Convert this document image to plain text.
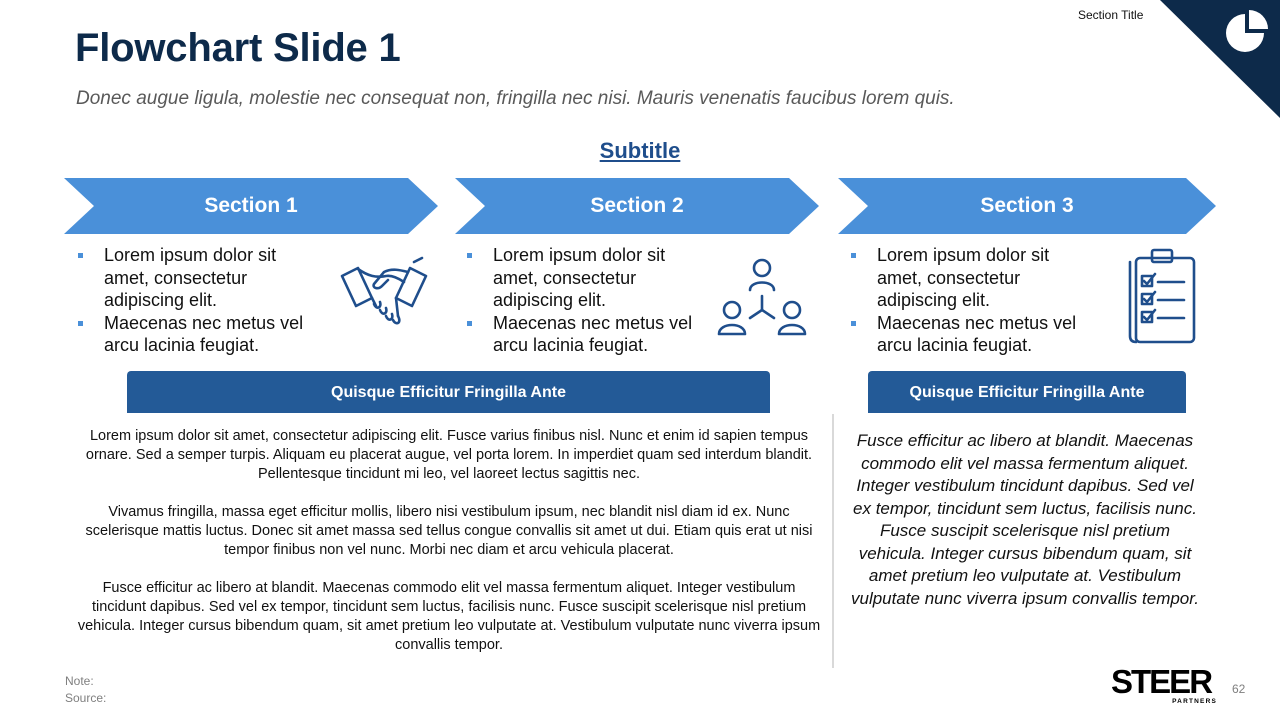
Section Title
Flowchart Slide 1
Donec augue ligula, molestie nec consequat non, fringilla nec nisi. Mauris venenatis faucibus lorem quis.
Subtitle
Section 1	Section 2	Section 3
Lorem ipsum dolor sit amet, consectetur adipiscing elit.
Maecenas nec metus vel arcu lacinia feugiat.
Lorem ipsum dolor sit amet, consectetur adipiscing elit.
Maecenas nec metus vel arcu lacinia feugiat.
Lorem ipsum dolor sit amet, consectetur adipiscing elit.
Maecenas nec metus vel arcu lacinia feugiat.
Quisque Efficitur Fringilla Ante	Quisque Efficitur Fringilla Ante

Lorem ipsum dolor sit amet, consectetur adipiscing elit. Fusce varius finibus nisl. Nunc et enim id sapien tempus ornare. Sed a semper turpis. Aliquam eu placerat augue, vel porta lorem. In imperdiet quam sed interdum blandit. Pellentesque tincidunt mi leo, vel laoreet lectus sagittis nec.

Vivamus fringilla, massa eget efficitur mollis, libero nisi vestibulum ipsum, nec blandit nisl diam id ex. Nunc scelerisque mattis luctus. Donec sit amet massa sed tellus congue convallis sit amet ut dui. Etiam quis erat ut nisi tempor finibus non vel nunc. Morbi nec diam et arcu vehicula placerat.

Fusce efficitur ac libero at blandit. Maecenas commodo elit vel massa fermentum aliquet. Integer vestibulum tincidunt dapibus. Sed vel ex tempor, tincidunt sem luctus, facilisis nunc. Fusce suscipit scelerisque nisl pretium vehicula. Integer cursus bibendum quam, sit amet pretium leo vulputate at. Vestibulum vulputate nunc viverra ipsum convallis tempor.

Fusce efficitur ac libero at blandit. Maecenas commodo elit vel massa fermentum aliquet. Integer vestibulum tincidunt dapibus. Sed vel ex tempor, tincidunt sem luctus, facilisis nunc. Fusce suscipit scelerisque nisl pretium vehicula. Integer cursus bibendum quam, sit amet pretium leo vulputate at. Vestibulum vulputate nunc viverra ipsum convallis tempor.
Note:
Source:	STEER
PARTNERS
62
